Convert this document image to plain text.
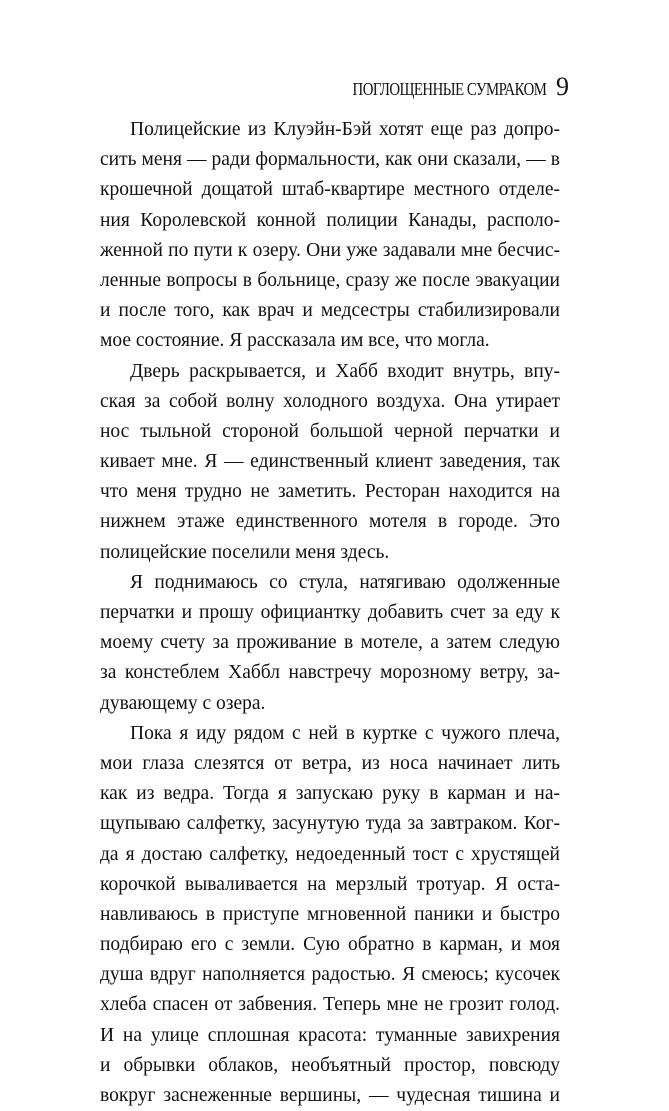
ПОГЛОЩЕННЫЕ СУМРАКОМ 9
Полицейские из Клуэйн-Бэй хотят еще раз допро-
сить меня — ради формальности, как они сказали, — в
крошечной дощатой штаб-квартире местного отделе-
ния Королевской конной полиции Канады, располо-
женной по пути к озеру. Они уже задавали мне бесчис-
ленные вопросы в больнице, сразу же после эвакуации
и после того, как врач и медсестры стабилизировали
мое состояние. Я рассказала им все, что могла.
Дверь раскрывается, и Хабб входит внутрь, впу-
ская за собой волну холодного воздуха. Она утирает
нос тыльной стороной большой черной перчатки и
кивает мне. Я — единственный клиент заведения, так
что меня трудно не заметить. Ресторан находится на
нижнем этаже единственного мотеля в городе. Это
полицейские поселили меня здесь.
Я поднимаюсь со стула, натягиваю одолженные
перчатки и прошу официантку добавить счет за еду к
моему счету за проживание в мотеле, а затем следую
за констеблем Хаббл навстречу морозному ветру, за-
дувающему с озера.
Пока я иду рядом с ней в куртке с чужого плеча,
мои глаза слезятся от ветра, из носа начинает лить
как из ведра. Тогда я запускаю руку в карман и на-
щупываю салфетку, засунутую туда за завтраком. Ког-
да я достаю салфетку, недоеденный тост с хрустящей
корочкой вываливается на мерзлый тротуар. Я оста-
навливаюсь в приступе мгновенной паники и быстро
подбираю его с земли. Сую обратно в карман, и моя
душа вдруг наполняется радостью. Я смеюсь; кусочек
хлеба спасен от забвения. Теперь мне не грозит голод.
И на улице сплошная красота: туманные завихрения
и обрывки облаков, необъятный простор, повсюду
вокруг заснеженные вершины, — чудесная тишина и
